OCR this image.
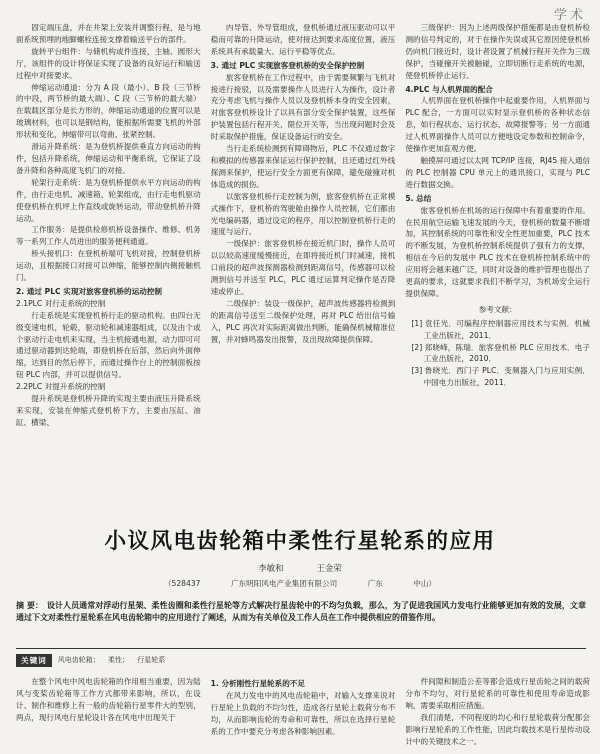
学术

固定端压盘，并在井架上安装并调整行程，是与地面系统预埋的地脚螺栓连接支撑着输送平台的部件。

旋转平台组件：与储机构或件连接，主轴、圆形大厅，该组件的设计将保证实现了设备的良好运行和输送过程中对接要求。

伸缩运动通道：分为 A 段（最小）、B 段（三节桥的中段，两节桥的最大端）、C 段（三节桥的最大端）在载载区部分是长方形的，伸缩运动通道的位置可以是玻璃材料，也可以是钢结构，能根据所需要飞机的外部形状和变化，伸缩带可以弯曲、张紧控制。

滑运升降系统：是为登机桥提供垂直方向运动的构件，包括升降系统，伸缩运动和平衡系统，它保证了设备升降和各种高度飞机门的对接。

轮架行走系统：是为登机桥提供水平方向运动的构件，由行走电机、减速箱、轮架组成，由行走电机驱动使登机桥在机坪上作直线或旋转运动，带动登机桥升降运动。

工作服务：是提供检修机桥设备操作、维修、机务等一系列工作人员进出的服务便利通道。

桥头接机口：在登机桥端可飞机对接，控制登机桥运动，且根据接口对接可以伸缩，能够控制内侧接触机门。

2. 通过 PLC 实现对旅客登机桥的运动控制

2.1PLC 对行走系统的控制

行走系统是实现登机桥行走的驱动机构。由四台无级变速电机，轮毂，驱动轮和减速器组成，以及由个或个驱动行走电机来实现，当主机接通电源，动力即可可通过驱动器到达轮端，即登机桥在后部，然后向外面伸缩，达到目的然后停下，而通过操作台上的控制面板按钮 PLC 内部，并可以提供信号。

2.2PLC 对提升系统的控制

提升系统是登机桥升降的实现主要由液压升降系统来实现，安装在伸缩式登机桥下方，主要由压缸、油缸、横梁、

内导管、外导管组成，登机桥通过液压驱动可以平稳而可靠的升降运动，使对接达到要求高度位置，液压系统具有承载量大、运行平稳等优点。

3. 通过 PLC 实现旅客登机桥的安全保护控制

旅客登机桥在工作过程中，由于需要频繁与飞机对接进行接驳，以及需要操作人员进行人为操作，设计者充分考虑飞机与操作人员以及登机桥本身的安全因素，对旅客登机桥设计了以具有部分安全保护装置，这些保护装置包括行程开关、限位开关等，当出现问题时会及时采取保护措施，保证设备运行的安全。

当行走系统检测到有障碍物后，PLC 不仅通过数字和模拟的传感器来保证运行保护控制，且还通过红外线探测来保护，使运行安全方面更有保障，避免碰撞对机体造成的损伤。

以旅客登机桥行走控制为例，旅客登机桥在正常模式操作下，登机桥的驾驶舱由操作人员控制，它们都由光电编码器，通过设定的程序，用以控制登机桥行走的速度与运行。

一级保护：旅客登机桥在接近机门时，操作人员可以以较高速度缓慢接近，在即将接近机门时减速，接机口前段的超声波探测器检测到距离信号，传感器可以检测到信号并送至 PLC，PLC 通过运算判定操作是否降速或停止。

二级保护：装设一级保护，超声波传感器将检测到的距离信号送至二级保护处理，再对 PLC 给出信号输入，PLC 再次对实际距离做出判断，能确保机械精准位置，并对蜂鸣器发出报警，及出现故障提供保障。

三级保护：因为上述两级保护措施都是由登机桥检测的信号判定的，对于在操作失误或其它原因使登机桥仍向机门接近时，设计者设置了机械行程开关作为三级保护，当碰撞开关被触碰，立即切断行走系统的电源，使登机桥停止运行。

4.PLC 与人机界面的配合

人机界面在登机桥操作中起重要作用，人机界面与 PLC 配合，一方面可以实时显示登机桥的各种状态信息，如行程状态、运行状态、故障报警等；另一方面通过人机界面操作人员可以方便地设定参数和控制命令，使操作更加直观方便。

触摸屏可通过以太网 TCP/IP 连接，RJ45 接入通信的 PLC 控制器 CPU 单元上的通讯接口，实现与 PLC 进行数据交换。

5. 总结

旅客登机桥在机场的运行保障中有着重要的作用。在民用航空运输飞速发展的今天，登机桥的数量不断增加，其控制系统的可靠性和安全性更加重要，PLC 技术的不断发展，为登机桥控制系统提供了强有力的支撑，相信在今后的发展中 PLC 技术在登机桥控制系统中的应用将会越来越广泛，同时对设备的维护管理也提出了更高的要求，这就要求我们不断学习，为机场安全运行提供保障。

参考文献：

[1] 袁任光．可编程序控制器应用技术与实例．机械工业出版社，2011．

[2] 郑晓峰，陈瑞．旅客登机桥 PLC 应用技术．电子工业出版社，2010．

[3] 鲁晓光．西门子 PLC．变频器入门与应用实例．中国电力出版社，2011．

小议风电齿轮箱中柔性行星轮系的应用
李敏和	王金荣
（528437	广东明阳风电产业集团有限公司	广东	中山）
摘 要： 设计人员通常对浮动行星架、柔性齿圈和柔性行星轮等方式解决行星齿轮中的不均匀负载，那么，为了促进我国风力发电行业能够更加有效的发展，文章通过下文对柔性行星轮系在风电齿轮箱中的应用进行了阐述，从而为有关单位及工作人员在工作中提供相应的借鉴作用。
关键词	风电齿轮箱； 柔性； 行星轮系

在整个风电中风电齿轮箱的作用相当重要，因为陆风与变桨齿轮箱等工作方式都带来影响，所以，在设计、制作和维修上有一般的齿轮箱行星零件大的型别，两点，现行风电行星轮设计各在风电中出现关于

1. 分析刚性行星轮系的不足

在风力发电中的风电齿轮箱中，对输入支撑来说对行星轮上负载的不均匀性，造成各行星轮上载荷分布不均，从而影响齿轮的寿命和可靠性，所以在选择行星轮系的工作中要充分考虑各种影响因素。

件间隙和制造公差等都会造成行星齿轮之间的载荷分布不均匀，对行星轮系的可靠性和使用寿命造成影响，需要采取相应措施。

我们清楚，不同程度的均心和行星轮载荷分配都会影响行星轮系的工作性能，因此均载技术是行星传动设计中的关键技术之一。
